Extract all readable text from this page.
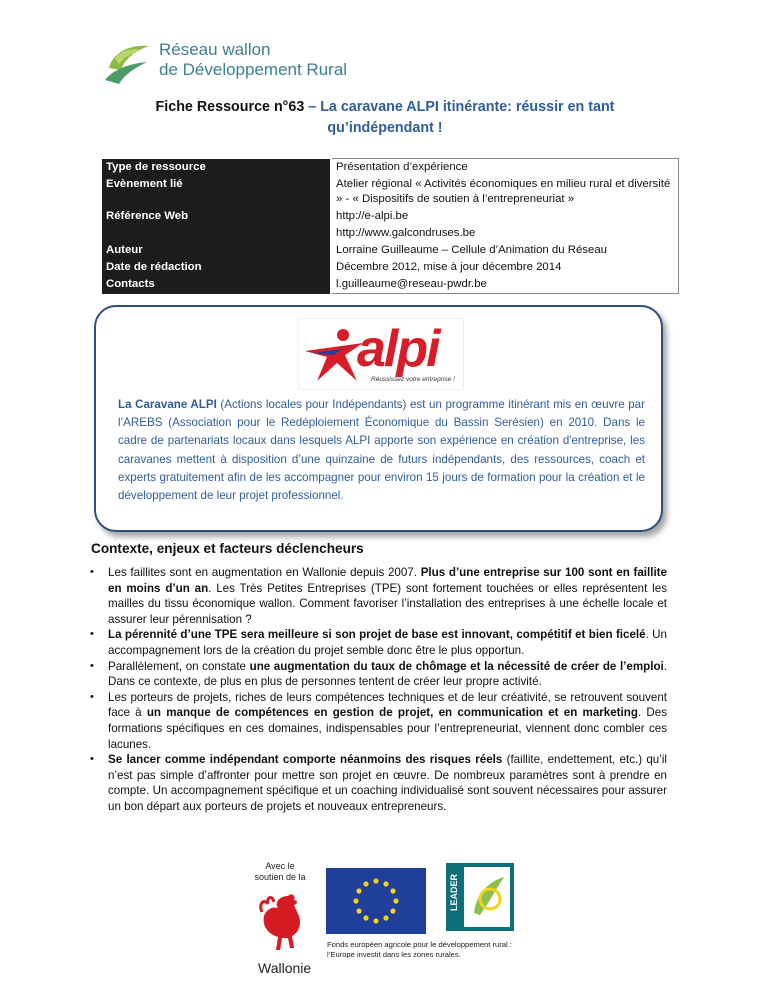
Réseau wallon
de Développement Rural
Fiche Ressource n°63 – La caravane ALPI itinérante: réussir en tant
qu’indépendant !
Type de ressource	Présentation d’expérience
Evènement lié	Atelier régional « Activités économiques en milieu rural et diversité » - « Dispositifs de soutien à l’entrepreneuriat »
Référence Web	http://e-alpi.be
	http://www.galcondruses.be
Auteur	Lorraine Guilleaume – Cellule d’Animation du Réseau
Date de rédaction	Décembre 2012, mise à jour décembre 2014
Contacts	l.guilleaume@reseau-pwdr.be
alpi
Réussissez votre entreprise !
La Caravane ALPI (Actions locales pour Indépendants) est un programme itinérant mis en œuvre par l’AREBS (Association pour le Redéploiement Économique du Bassin Serésien) en 2010. Dans le cadre de partenariats locaux dans lesquels ALPI apporte son expérience en création d'entreprise, les caravanes mettent à disposition d’une quinzaine de futurs indépendants, des ressources, coach et experts gratuitement afin de les accompagner pour environ 15 jours de formation pour la création et le développement de leur projet professionnel.
Contexte, enjeux et facteurs déclencheurs
• Les faillites sont en augmentation en Wallonie depuis 2007. Plus d’une entreprise sur 100 sont en faillite en moins d’un an. Les Très Petites Entreprises (TPE) sont fortement touchées or elles représentent les mailles du tissu économique wallon. Comment favoriser l’installation des entreprises à une échelle locale et assurer leur pérennisation ?
• La pérennité d’une TPE sera meilleure si son projet de base est innovant, compétitif et bien ficelé. Un accompagnement lors de la création du projet semble donc être le plus opportun.
• Parallèlement, on constate une augmentation du taux de chômage et la nécessité de créer de l’emploi. Dans ce contexte, de plus en plus de personnes tentent de créer leur propre activité.
• Les porteurs de projets, riches de leurs compétences techniques et de leur créativité, se retrouvent souvent face à un manque de compétences en gestion de projet, en communication et en marketing. Des formations spécifiques en ces domaines, indispensables pour l’entrepreneuriat, viennent donc combler ces lacunes.
• Se lancer comme indépendant comporte néanmoins des risques réels (faillite, endettement, etc.) qu’il n’est pas simple d’affronter pour mettre son projet en œuvre. De nombreux paramètres sont à prendre en compte. Un accompagnement spécifique et un coaching individualisé sont souvent nécessaires pour assurer un bon départ aux porteurs de projets et nouveaux entrepreneurs.
Avec le soutien de la
Wallonie
LEADER
Fonds européen agricole pour le développement rural : l’Europe investit dans les zones rurales.
